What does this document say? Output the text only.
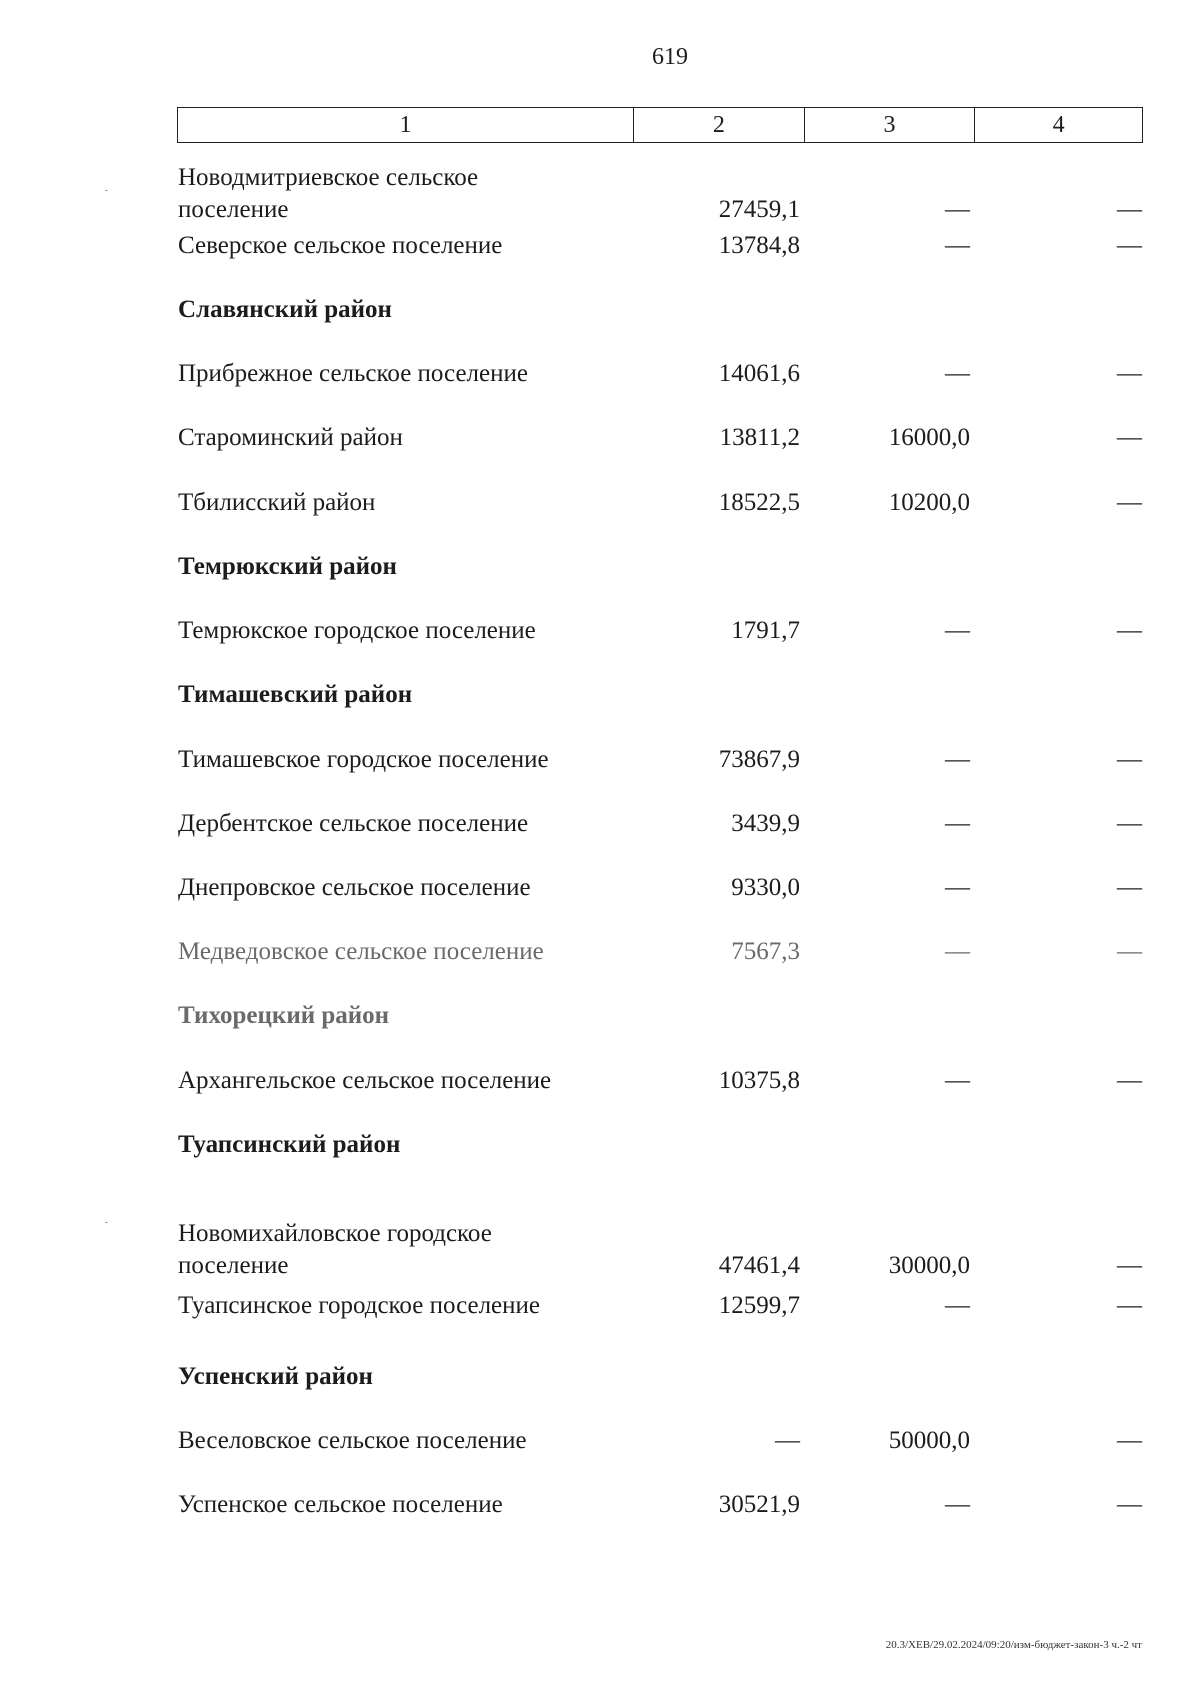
619
1	2	3	4
Новодмитриевское сельское
поселение	27459,1	—	—
Северское сельское поселение	13784,8	—	—
Славянский район
Прибрежное сельское поселение	14061,6	—	—
Староминский район	13811,2	16000,0	—
Тбилисский район	18522,5	10200,0	—
Темрюкский район
Темрюкское городское поселение	1791,7	—	—
Тимашевский район
Тимашевское городское поселение	73867,9	—	—
Дербентское сельское поселение	3439,9	—	—
Днепровское сельское поселение	9330,0	—	—
Медведовское сельское поселение	7567,3	—	—
Тихорецкий район
Архангельское сельское поселение	10375,8	—	—
Туапсинский район
Новомихайловское городское
поселение	47461,4	30000,0	—
Туапсинское городское поселение	12599,7	—	—
Успенский район
Веселовское сельское поселение	—	50000,0	—
Успенское сельское поселение	30521,9	—	—
20.3/ХЕВ/29.02.2024/09:20/изм-бюджет-закон-3 ч.-2 чт
